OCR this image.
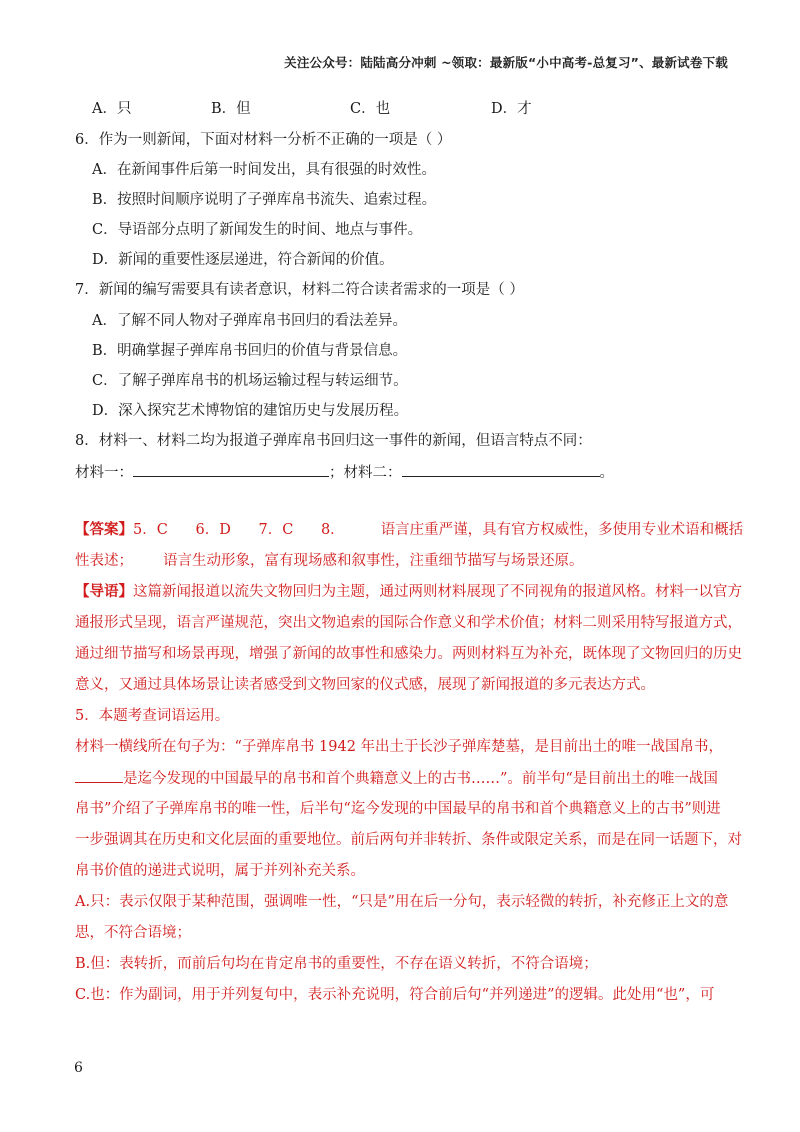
关注公众号：陆陆高分冲刺 ~领取：最新版“小中高考-总复习”、最新试卷下载
A．只	B．但	C．也	D．才
6．作为一则新闻，下面对材料一分析不正确的一项是（ ）
A．在新闻事件后第一时间发出，具有很强的时效性。
B．按照时间顺序说明了子弹库帛书流失、追索过程。
C．导语部分点明了新闻发生的时间、地点与事件。
D．新闻的重要性逐层递进，符合新闻的价值。
7．新闻的编写需要具有读者意识，材料二符合读者需求的一项是（ ）
A．了解不同人物对子弹库帛书回归的看法差异。
B．明确掌握子弹库帛书回归的价值与背景信息。
C．了解子弹库帛书的机场运输过程与转运细节。
D．深入探究艺术博物馆的建馆历史与发展历程。
8．材料一、材料二均为报道子弹库帛书回归这一事件的新闻，但语言特点不同：
材料一：	；材料二：	。
【答案】5．C      6．D      7．C      8． 语言庄重严谨，具有官方权威性，多使用专业术语和概括
性表述； 语言生动形象，富有现场感和叙事性，注重细节描写与场景还原。
【导语】这篇新闻报道以流失文物回归为主题，通过两则材料展现了不同视角的报道风格。材料一以官方
通报形式呈现，语言严谨规范，突出文物追索的国际合作意义和学术价值；材料二则采用特写报道方式，
通过细节描写和场景再现，增强了新闻的故事性和感染力。两则材料互为补充，既体现了文物回归的历史
意义，又通过具体场景让读者感受到文物回家的仪式感，展现了新闻报道的多元表达方式。
5．本题考查词语运用。
材料一横线所在句子为：“子弹库帛书 1942 年出土于长沙子弹库楚墓，是目前出土的唯一战国帛书，
是迄今发现的中国最早的帛书和首个典籍意义上的古书……”。前半句“是目前出土的唯一战国
帛书”介绍了子弹库帛书的唯一性，后半句“迄今发现的中国最早的帛书和首个典籍意义上的古书”则进
一步强调其在历史和文化层面的重要地位。前后两句并非转折、条件或限定关系，而是在同一话题下，对
帛书价值的递进式说明，属于并列补充关系。
A.只：表示仅限于某种范围，强调唯一性，“只是”用在后一分句，表示轻微的转折，补充修正上文的意
思，不符合语境；
B.但：表转折，而前后句均在肯定帛书的重要性，不存在语义转折，不符合语境；
C.也：作为副词，用于并列复句中，表示补充说明，符合前后句“并列递进”的逻辑。此处用“也”，可
6
